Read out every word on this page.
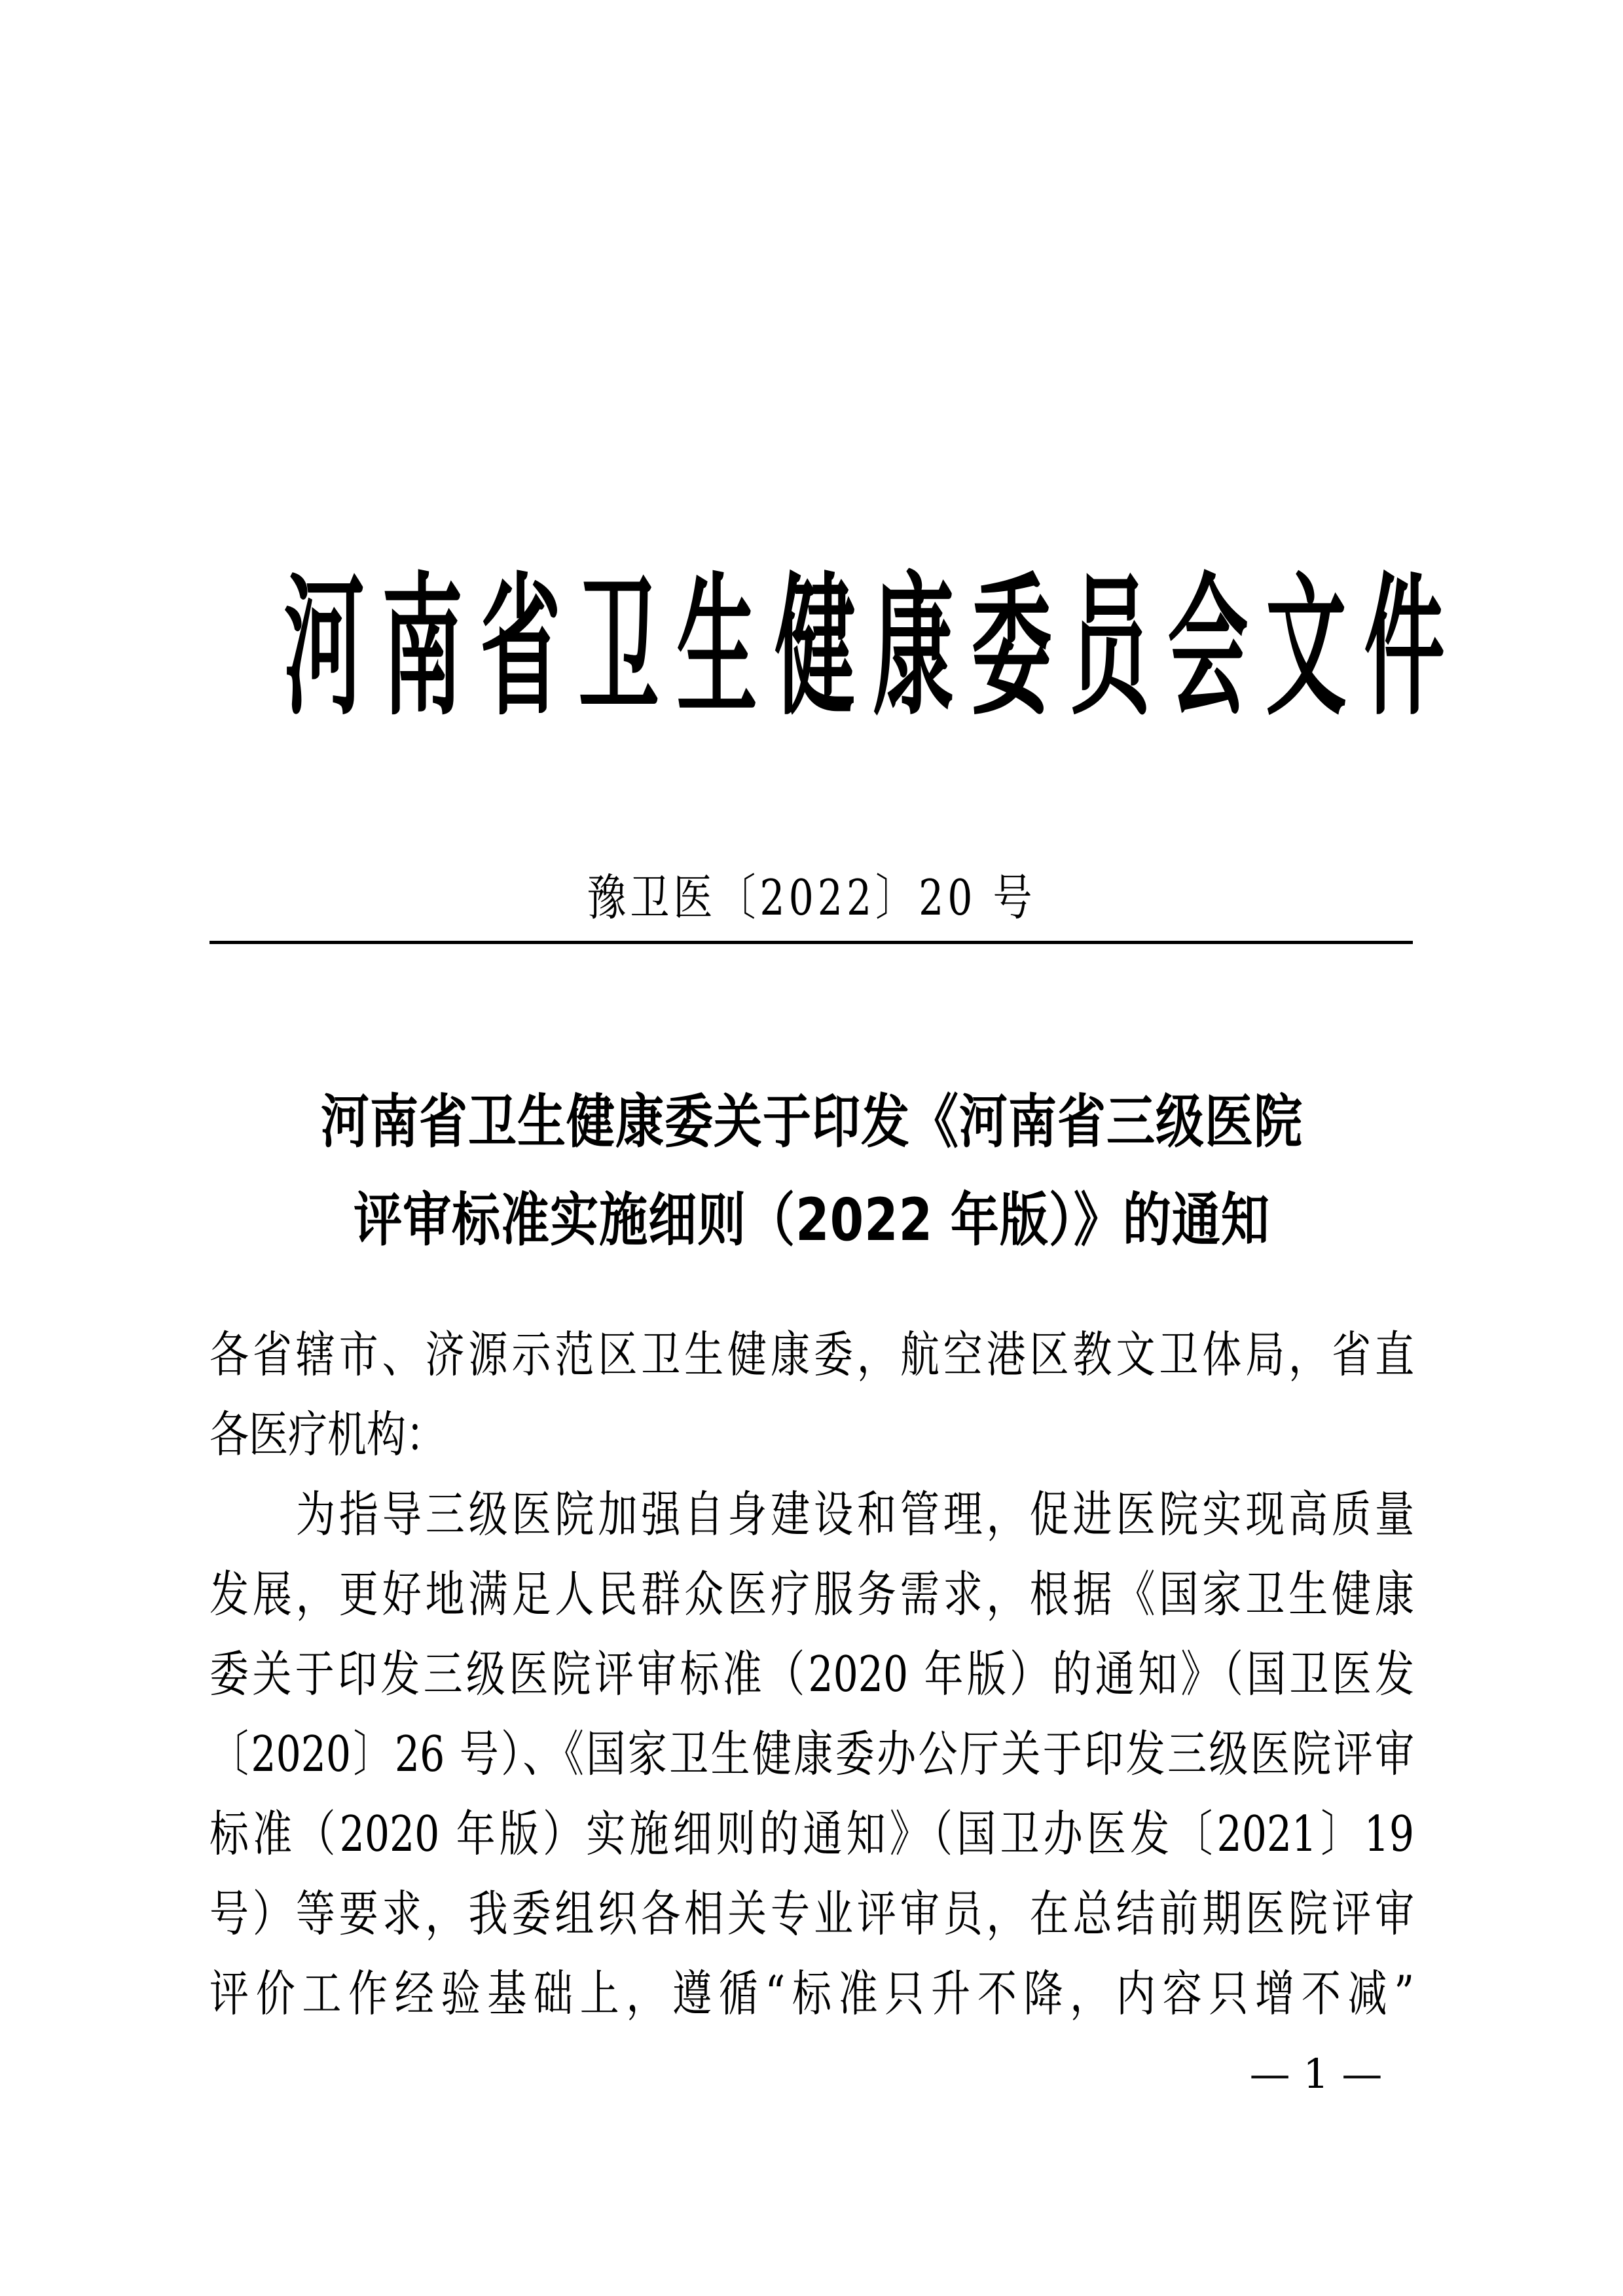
河 南 省 卫 生 健 康 委 员 会 文 件
豫卫医〔2022〕20 号
河南省卫生健康委关于印发《河南省三级医院
评审标准实施细则（2022 年版）》的通知
各省辖市、济源示范区卫生健康委，航空港区教文卫体局，省直
各医疗机构：
为指导三级医院加强自身建设和管理，促进医院实现高质量
发展，更好地满足人民群众医疗服务需求，根据《国家卫生健康
委关于印发三级医院评审标准（2020 年版）的通知》（国卫医发
〔2020〕26 号）、《国家卫生健康委办公厅关于印发三级医院评审
标准（2020 年版）实施细则的通知》（国卫办医发〔2021〕19
号）等要求，我委组织各相关专业评审员，在总结前期医院评审
评价工作经验基础上，遵循“标准只升不降，内容只增不减”
— 1 —
